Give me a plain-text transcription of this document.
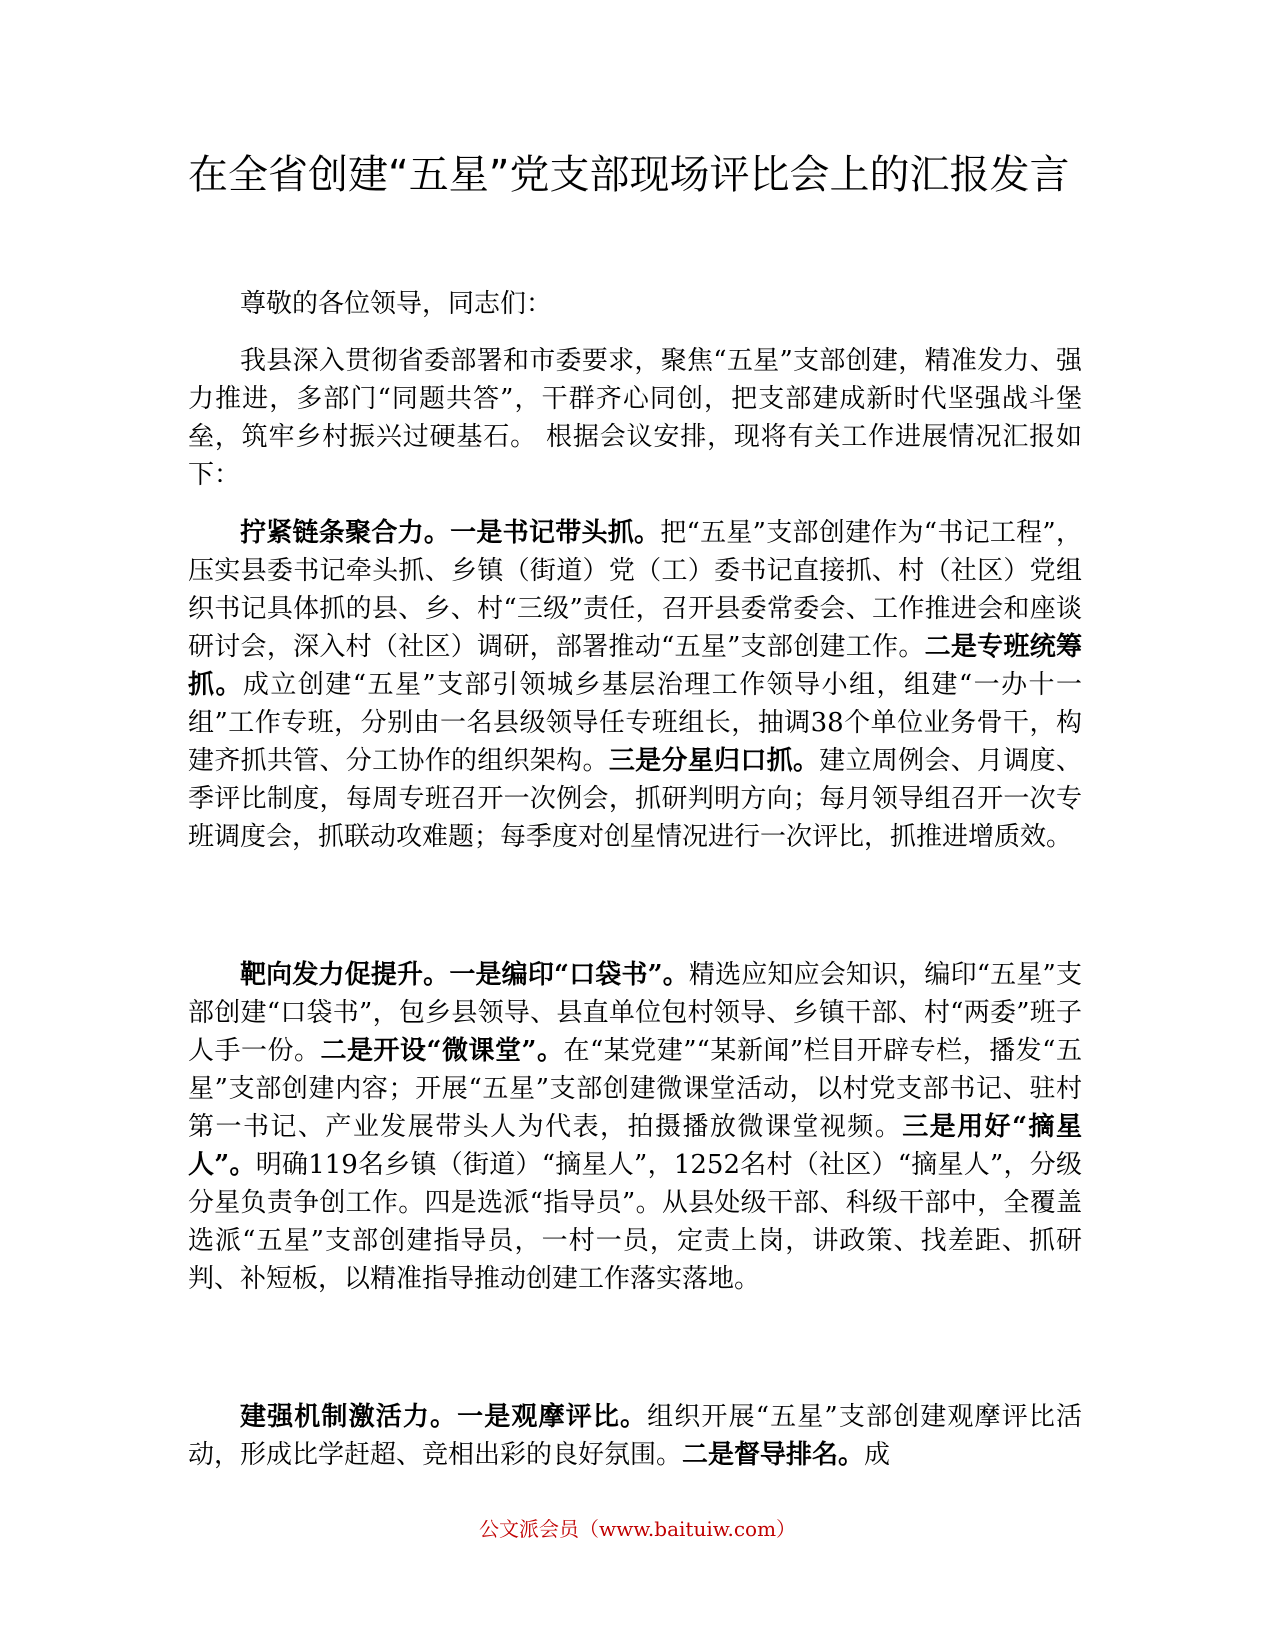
在全省创建“五星”党支部现场评比会上的汇报发言

尊敬的各位领导，同志们：

我县深入贯彻省委部署和市委要求，聚焦“五星”支部创建，精准发力、强力推进，多部门“同题共答”，干群齐心同创，把支部建成新时代坚强战斗堡垒，筑牢乡村振兴过硬基石。 根据会议安排，现将有关工作进展情况汇报如下：

拧紧链条聚合力。一是书记带头抓。把“五星”支部创建作为“书记工程”，压实县委书记牵头抓、乡镇（街道）党（工）委书记直接抓、村（社区）党组织书记具体抓的县、乡、村“三级”责任，召开县委常委会、工作推进会和座谈研讨会，深入村（社区）调研，部署推动“五星”支部创建工作。二是专班统筹抓。成立创建“五星”支部引领城乡基层治理工作领导小组，组建“一办十一组”工作专班，分别由一名县级领导任专班组长，抽调38个单位业务骨干，构建齐抓共管、分工协作的组织架构。三是分星归口抓。建立周例会、月调度、季评比制度，每周专班召开一次例会，抓研判明方向；每月领导组召开一次专班调度会，抓联动攻难题；每季度对创星情况进行一次评比，抓推进增质效。

靶向发力促提升。一是编印“口袋书”。精选应知应会知识，编印“五星”支部创建“口袋书”，包乡县领导、县直单位包村领导、乡镇干部、村“两委”班子人手一份。二是开设“微课堂”。在“某党建”“某新闻”栏目开辟专栏，播发“五星”支部创建内容；开展“五星”支部创建微课堂活动，以村党支部书记、驻村第一书记、产业发展带头人为代表，拍摄播放微课堂视频。三是用好“摘星人”。明确119名乡镇（街道）“摘星人”，1252名村（社区）“摘星人”，分级分星负责争创工作。四是选派“指导员”。从县处级干部、科级干部中，全覆盖选派“五星”支部创建指导员，一村一员，定责上岗，讲政策、找差距、抓研判、补短板，以精准指导推动创建工作落实落地。

建强机制激活力。一是观摩评比。组织开展“五星”支部创建观摩评比活动，形成比学赶超、竞相出彩的良好氛围。二是督导排名。成

公文派会员（www.baituiw.com）
